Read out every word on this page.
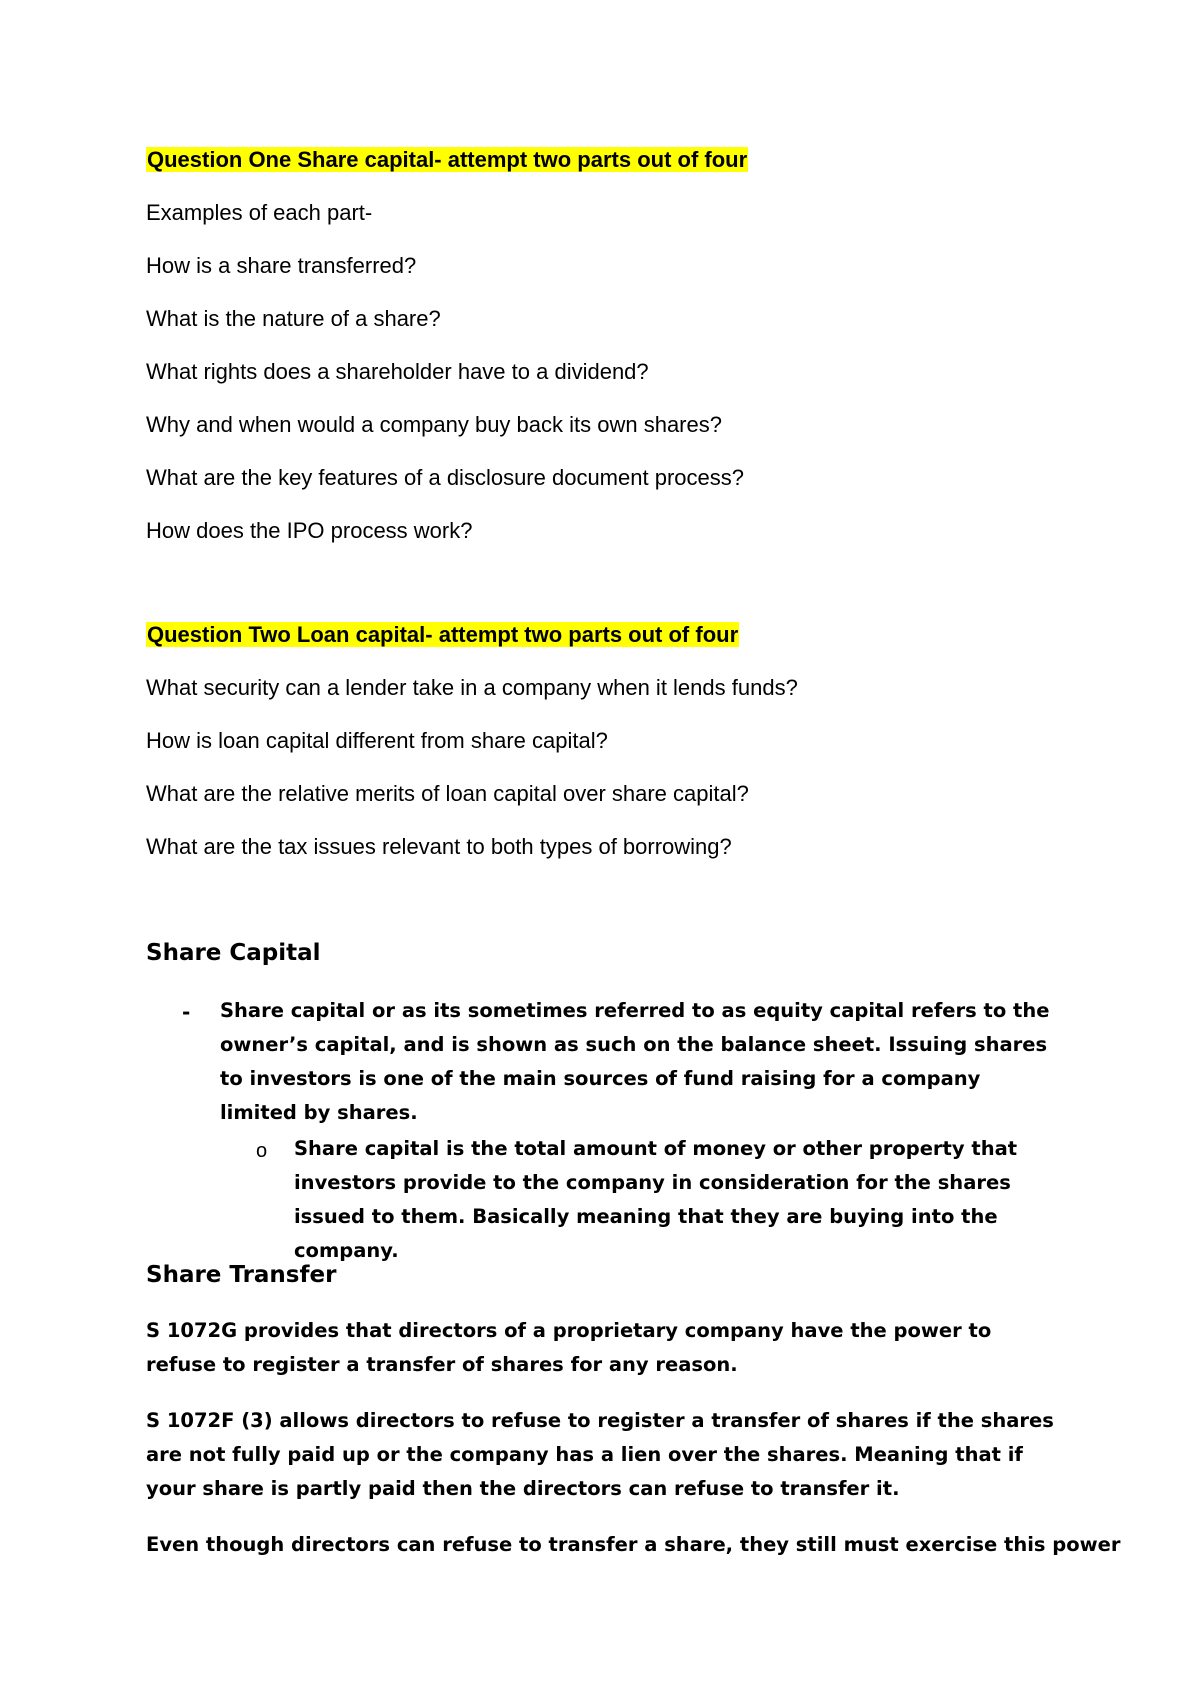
Question One Share capital- attempt two parts out of four
Examples of each part-
How is a share transferred?
What is the nature of a share?
What rights does a shareholder have to a dividend?
Why and when would a company buy back its own shares?
What are the key features of a disclosure document process?
How does the IPO process work?
Question Two Loan capital- attempt two parts out of four
What security can a lender take in a company when it lends funds?
How is loan capital different from share capital?
What are the relative merits of loan capital over share capital?
What are the tax issues relevant to both types of borrowing?
Share Capital
- Share capital or as its sometimes referred to as equity capital refers to the owner’s capital, and is shown as such on the balance sheet. Issuing shares to investors is one of the main sources of fund raising for a company limited by shares.
o Share capital is the total amount of money or other property that investors provide to the company in consideration for the shares issued to them. Basically meaning that they are buying into the company.
Share Transfer
S 1072G provides that directors of a proprietary company have the power to refuse to register a transfer of shares for any reason.
S 1072F (3) allows directors to refuse to register a transfer of shares if the shares are not fully paid up or the company has a lien over the shares. Meaning that if your share is partly paid then the directors can refuse to transfer it.
Even though directors can refuse to transfer a share, they still must exercise this power
